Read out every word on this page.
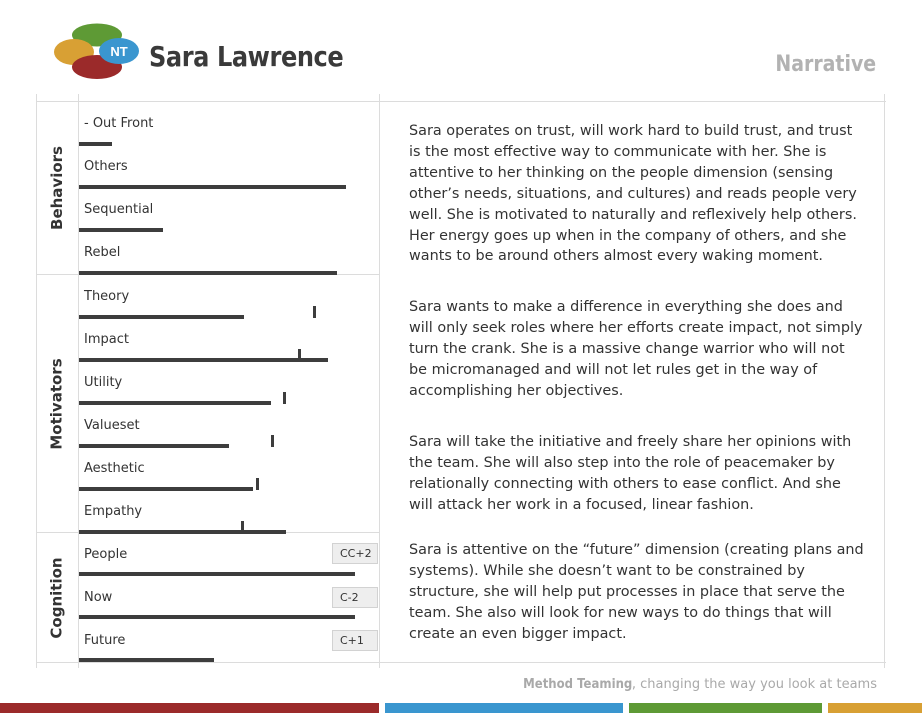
NT Sara Lawrence	Narrative
Behaviors
Motivators
Cognition
- Out Front
Others
Sequential
Rebel
Theory
Impact
Utility
Valueset
Aesthetic
Empathy
People	CC+2
Now	C-2
Future	C+1

Sara operates on trust, will work hard to build trust, and trust is the most effective way to communicate with her. She is attentive to her thinking on the people dimension (sensing other’s needs, situations, and cultures) and reads people very well. She is motivated to naturally and reflexively help others. Her energy goes up when in the company of others, and she wants to be around others almost every waking moment.

Sara wants to make a difference in everything she does and will only seek roles where her efforts create impact, not simply turn the crank. She is a massive change warrior who will not be micromanaged and will not let rules get in the way of accomplishing her objectives.

Sara will take the initiative and freely share her opinions with the team. She will also step into the role of peacemaker by relationally connecting with others to ease conflict. And she will attack her work in a focused, linear fashion.

Sara is attentive on the “future” dimension (creating plans and systems). While she doesn’t want to be constrained by structure, she will help put processes in place that serve the team. She also will look for new ways to do things that will create an even bigger impact.

Method Teaming, changing the way you look at teams
